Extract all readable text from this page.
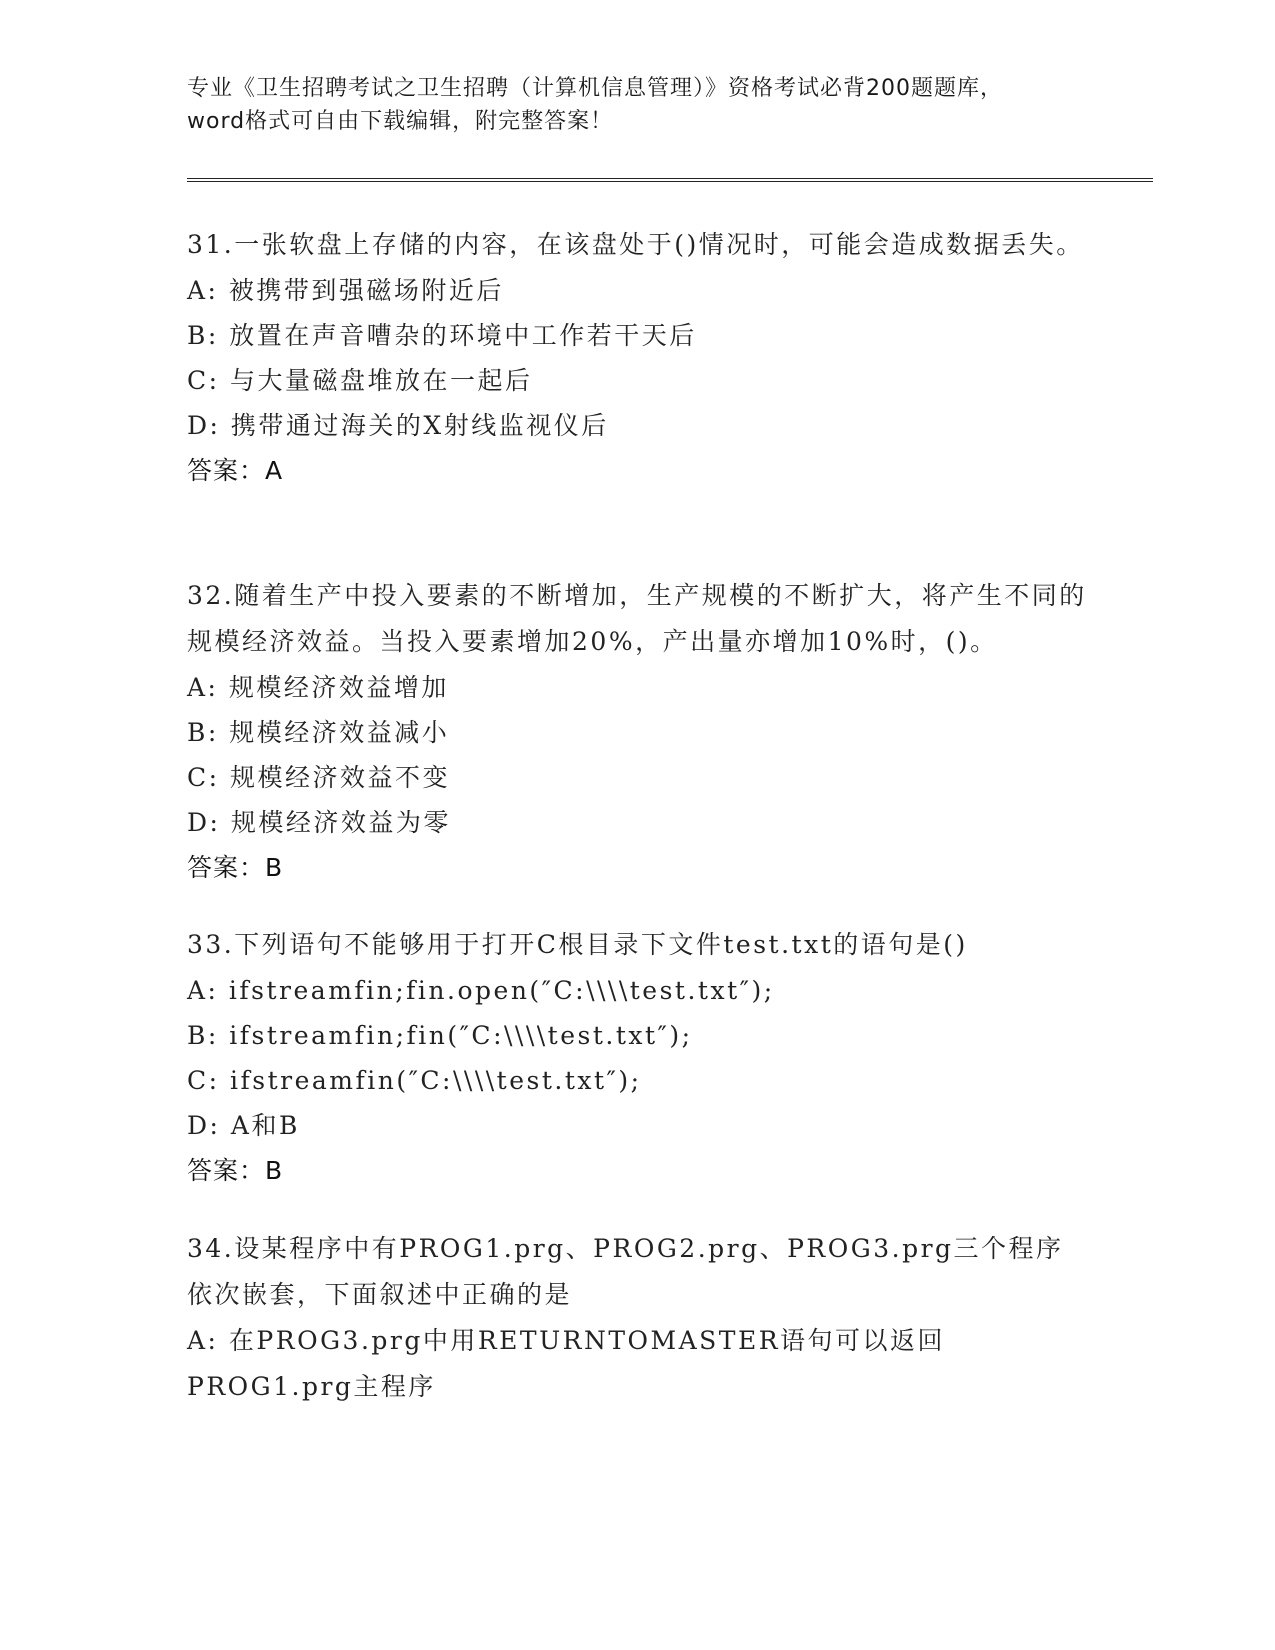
专业《卫生招聘考试之卫生招聘（计算机信息管理）》资格考试必背200题题库，
word格式可自由下载编辑，附完整答案！

31.一张软盘上存储的内容，在该盘处于()情况时，可能会造成数据丢失。

A: 被携带到强磁场附近后

B: 放置在声音嘈杂的环境中工作若干天后

C: 与大量磁盘堆放在一起后

D: 携带通过海关的X射线监视仪后

答案：A

32.随着生产中投入要素的不断增加，生产规模的不断扩大，将产生不同的规模经济效益。当投入要素增加20%，产出量亦增加10%时，()。

A: 规模经济效益增加

B: 规模经济效益减小

C: 规模经济效益不变

D: 规模经济效益为零

答案：B

33.下列语句不能够用于打开C根目录下文件test.txt的语句是()

A: ifstreamfin;fin.open(″C:\\\\test.txt″);

B: ifstreamfin;fin(″C:\\\\test.txt″);

C: ifstreamfin(″C:\\\\test.txt″);

D: A和B

答案：B

34.设某程序中有PROG1.prg、PROG2.prg、PROG3.prg三个程序依次嵌套，下面叙述中正确的是

A: 在PROG3.prg中用RETURNTOMASTER语句可以返回PROG1.prg主程序
